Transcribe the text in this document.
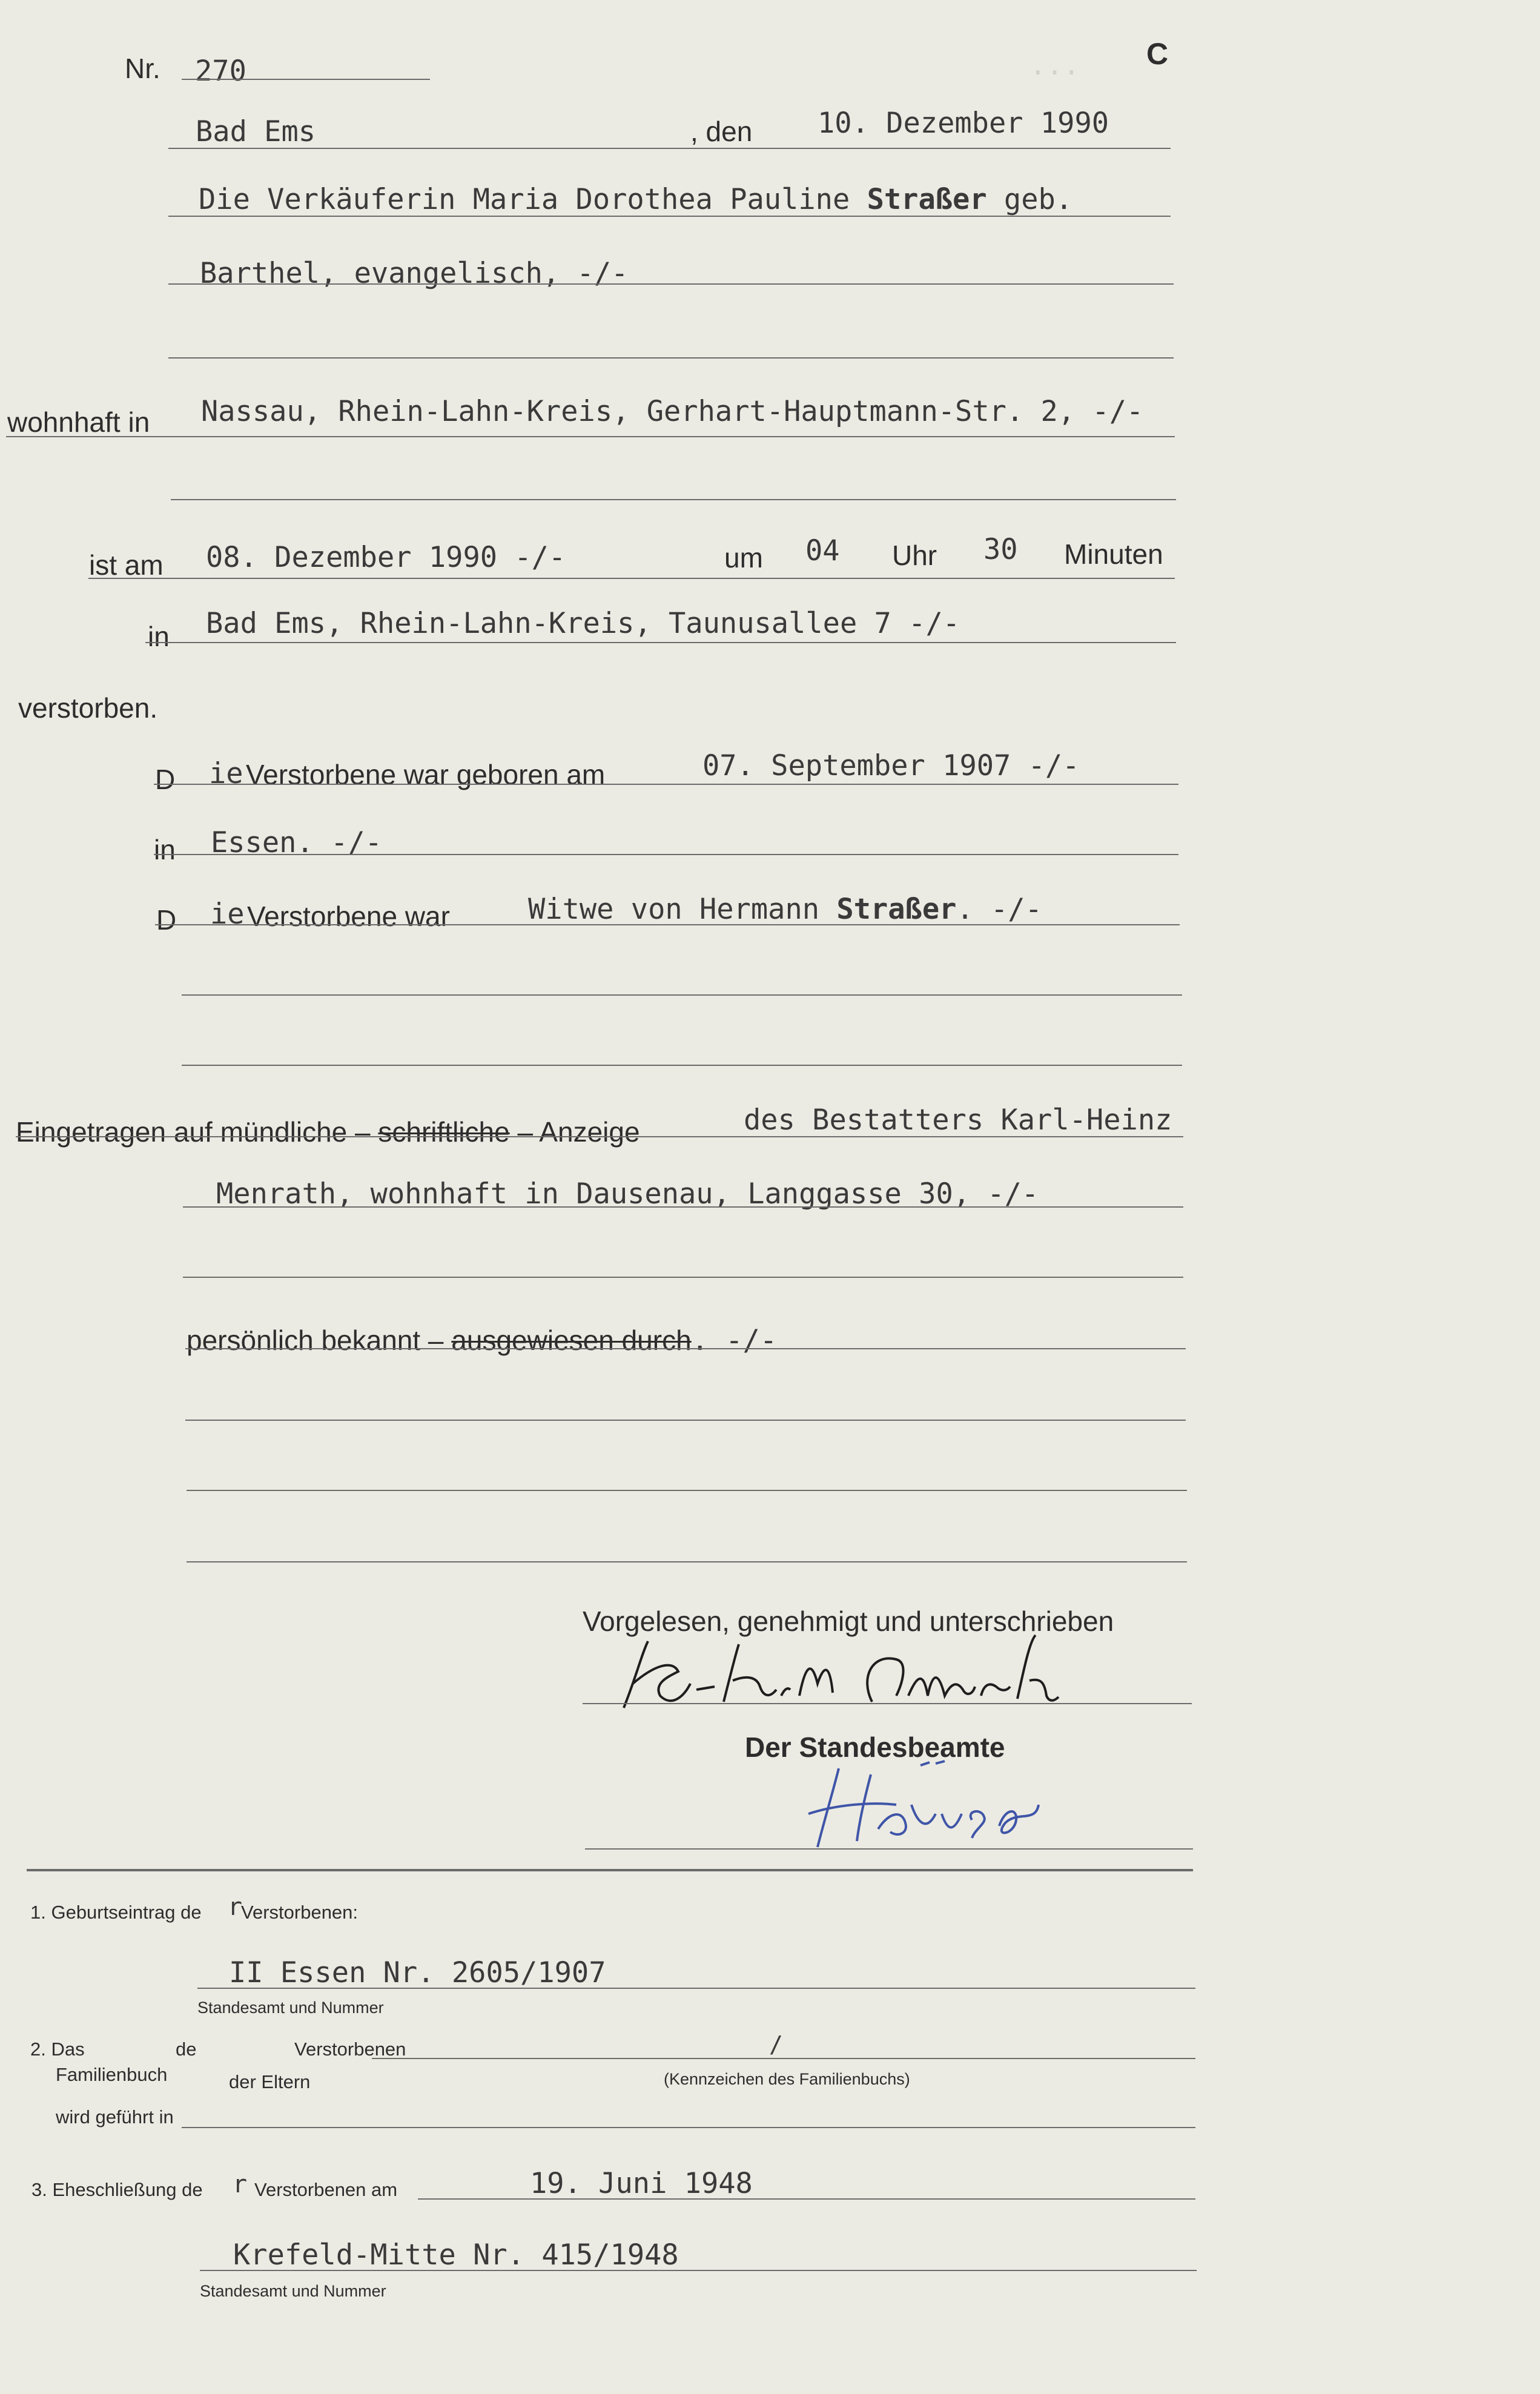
... C
Nr. 270
Bad Ems	, den 10. Dezember 1990
Die Verkäuferin Maria Dorothea Pauline Straßer geb.
Barthel, evangelisch, -/-
wohnhaft in Nassau, Rhein-Lahn-Kreis, Gerhart-Hauptmann-Str. 2, -/-
ist am 08. Dezember 1990 -/-	um 04 Uhr 30 Minuten
in Bad Ems, Rhein-Lahn-Kreis, Taunusallee 7 -/-
verstorben.
D ie Verstorbene war geboren am	07. September 1907 -/-
in Essen. -/-
D ie Verstorbene war	Witwe von Hermann Straßer. -/-
Eingetragen auf mündliche – schriftliche – Anzeige	des Bestatters Karl-Heinz
Menrath, wohnhaft in Dausenau, Langgasse 30, -/-
persönlich bekannt – ausgewiesen durch. -/-
Vorgelesen, genehmigt und unterschrieben
Der Standesbeamte
1. Geburtseintrag de r
Verstorbenen:
II Essen Nr. 2605/1907
Standesamt und Nummer
2. Das
Familienbuch
de	Verstorbenen
der Eltern
/
(Kennzeichen des Familienbuchs)
wird geführt in
3. Eheschließung de r Verstorbenen am	19. Juni 1948
Krefeld-Mitte Nr. 415/1948
Standesamt und Nummer
